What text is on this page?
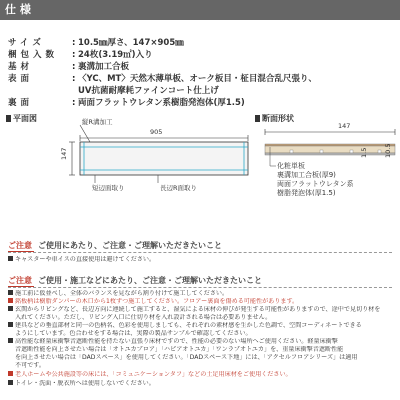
仕 様
サイズ	: 10.5㎜厚さ、147×905㎜
梱包入数 : 24枚(3.19㎡)入り
基材	: 裏溝加工合板
表面	: 〈YC、MT〉天然木薄単板、オーク板目・柾目混合乱尺張り、
UV抗菌耐摩耗ファインコート仕上げ
裏面	: 両面フラットウレタン系樹脂発泡体(厚1.5)
平面図	断面形状
縦R溝加工
905
147
短辺面取り	長辺R面取り
147
1.5 10.5
化粧単板
裏溝加工合板(厚9)
両面フラットウレタン系
樹脂発泡体(厚1.5)
ご注意 ご使用にあたり、ご注意・ご理解いただきたいこと
キャスターや車イスの直接使用は避けてください。
ご注意 ご使用・施工などにあたり、ご注意・ご理解いただきたいこと
施工前に仮並べし、全体のバランスを見ながら割り付けて施工してください。
銘板柄は樹脂ダンパーの木口から1枚ずつ施工してください。フロアー裏面を傷める可能性があります。
玄関からリビングなど、長辺方向に連続して施工すると、湿気による床材の伸びが発生する可能性がありますので、途中で見切り材を
入れてください。ただし、リビング入口に仕切り材を入れ設計される場合は必要ありません。
建具などの垂直部材と同一の色柄名、色彩を使用しましても、それぞれの素材感を生かした色調で、空間コーディネートできる
ようにしています。色合わせをする場合は、実際の製品サンプルで確認してください。
高性能な軽量床衝撃音遮断性能を持たない直張り床材ですので、性能の必要のない場所へご使用ください。軽量床衝撃
音遮断性能を向上させたい場合は「オトユカプロア」「ハピアオトユカ」「ワンラプオトユカ」を、重量床衝撃音遮断性能
を向上させたい場合は「DADスペース」を使用してください。「DADスペース下地」には、「アクセルフロアシリーズ」は適用
不可です。
老人ホームや公共施設等の床には、「コミュニケーションタフ」などの土足用床材をご使用ください。
トイレ・洗面・脱衣所へは使用しないでください。
